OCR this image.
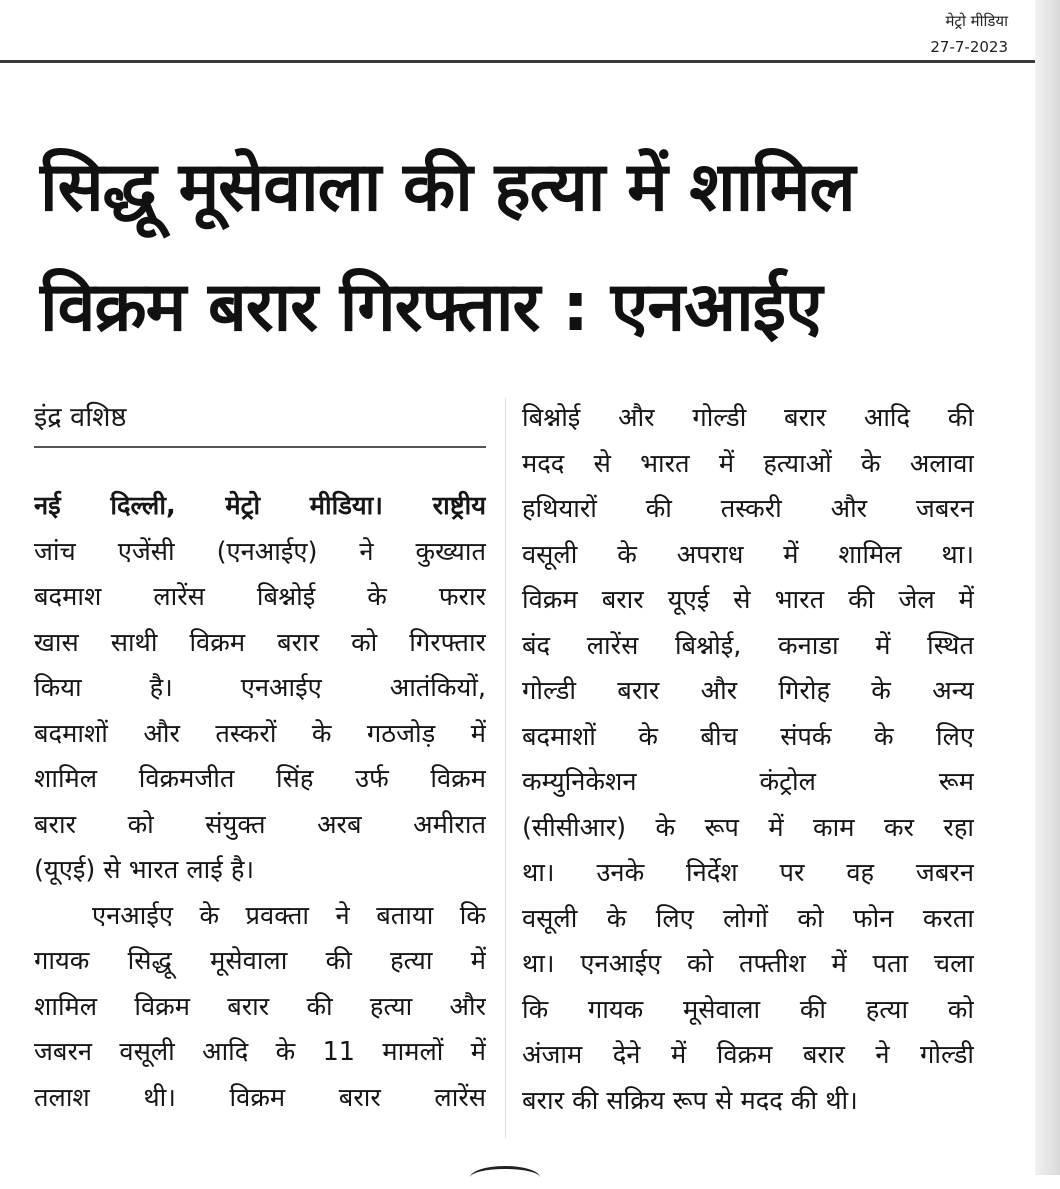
मेट्रो मीडिया
27-7-2023
सिद्धू मूसेवाला की हत्या में शामिल
विक्रम बरार गिरफ्तार : एनआईए
इंद्र वशिष्ठ
नई दिल्ली, मेट्रो मीडिया। राष्ट्रीय
जांच एजेंसी (एनआईए) ने कुख्यात
बदमाश लारेंस बिश्नोई के फरार
खास साथी विक्रम बरार को गिरफ्तार
किया है। एनआईए आतंकियों,
बदमाशों और तस्करों के गठजोड़ में
शामिल विक्रमजीत सिंह उर्फ विक्रम
बरार को संयुक्त अरब अमीरात
(यूएई) से भारत लाई है।
एनआईए के प्रवक्ता ने बताया कि
गायक सिद्धू मूसेवाला की हत्या में
शामिल विक्रम बरार की हत्या और
जबरन वसूली आदि के 11 मामलों में
तलाश थी। विक्रम बरार लारेंस
बिश्नोई और गोल्डी बरार आदि की
मदद से भारत में हत्याओं के अलावा
हथियारों की तस्करी और जबरन
वसूली के अपराध में शामिल था।
विक्रम बरार यूएई से भारत की जेल में
बंद लारेंस बिश्नोई, कनाडा में स्थित
गोल्डी बरार और गिरोह के अन्य
बदमाशों के बीच संपर्क के लिए
कम्युनिकेशन कंट्रोल रूम
(सीसीआर) के रूप में काम कर रहा
था। उनके निर्देश पर वह जबरन
वसूली के लिए लोगों को फोन करता
था। एनआईए को तफ्तीश में पता चला
कि गायक मूसेवाला की हत्या को
अंजाम देने में विक्रम बरार ने गोल्डी
बरार की सक्रिय रूप से मदद की थी।
